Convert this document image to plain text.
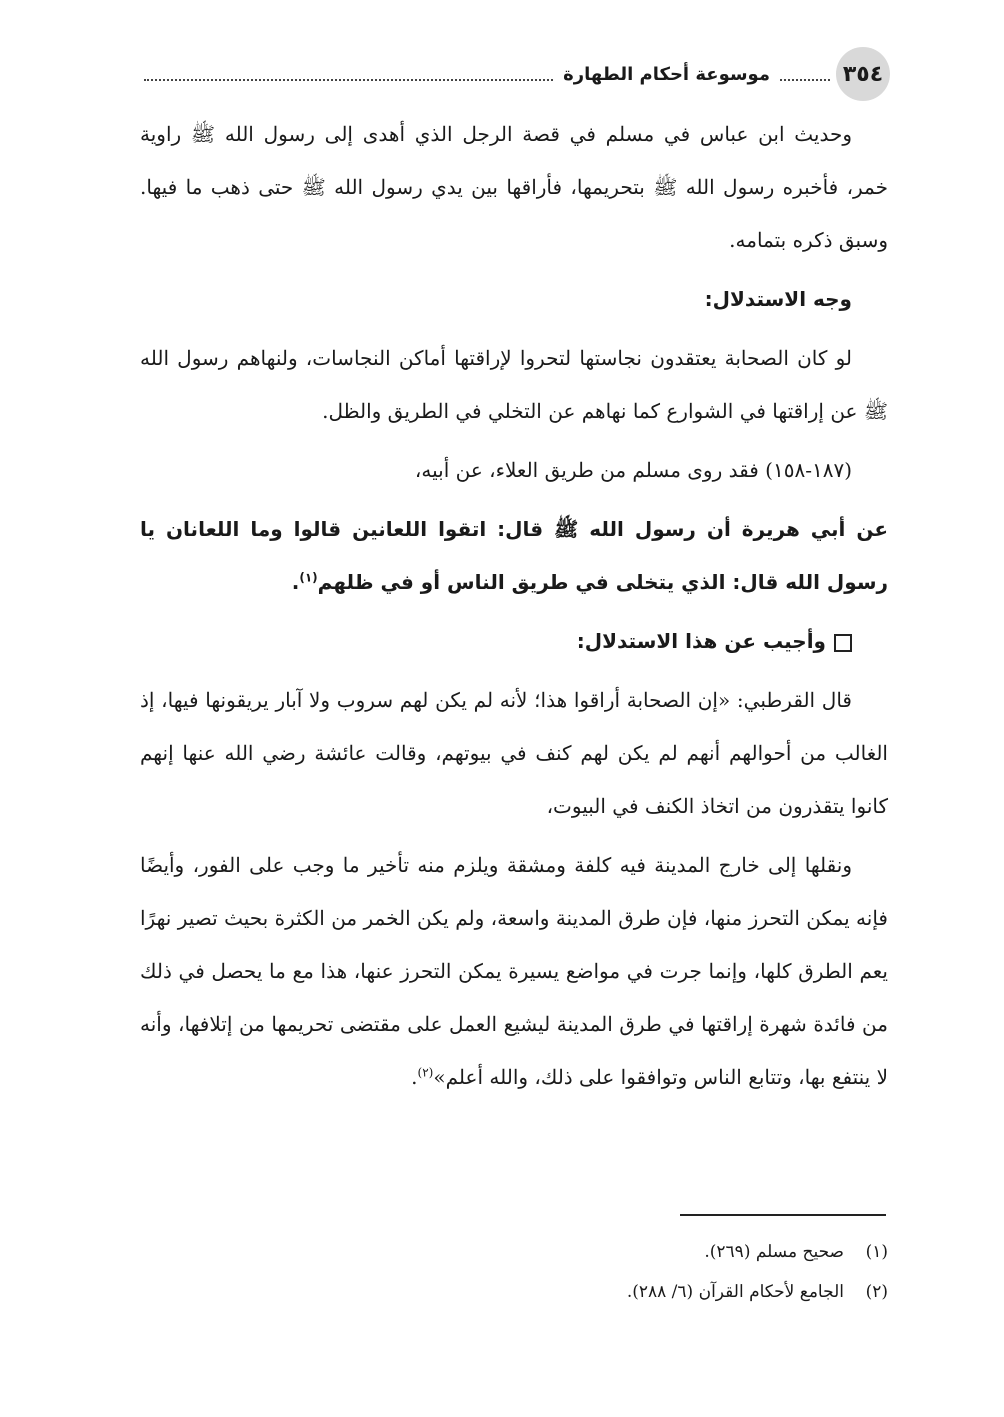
٣٥٤
موسوعة أحكام الطهارة

وحديث ابن عباس في مسلم في قصة الرجل الذي أهدى إلى رسول الله ﷺ راوية خمر، فأخبره رسول الله ﷺ بتحريمها، فأراقها بين يدي رسول الله ﷺ حتى ذهب ما فيها. وسبق ذكره بتمامه.

وجه الاستدلال:

لو كان الصحابة يعتقدون نجاستها لتحروا لإراقتها أماكن النجاسات، ولنهاهم رسول الله ﷺ عن إراقتها في الشوارع كما نهاهم عن التخلي في الطريق والظل.

(١٨٧-١٥٨) فقد روى مسلم من طريق العلاء، عن أبيه،

عن أبي هريرة أن رسول الله ﷺ قال: اتقوا اللعانين قالوا وما اللعانان يا رسول الله قال: الذي يتخلى في طريق الناس أو في ظلهم$^{(١)}$.

وأجيب عن هذا الاستدلال:

قال القرطبي: «إن الصحابة أراقوا هذا؛ لأنه لم يكن لهم سروب ولا آبار يريقونها فيها، إذ الغالب من أحوالهم أنهم لم يكن لهم كنف في بيوتهم، وقالت عائشة رضي الله عنها إنهم كانوا يتقذرون من اتخاذ الكنف في البيوت،

ونقلها إلى خارج المدينة فيه كلفة ومشقة ويلزم منه تأخير ما وجب على الفور، وأيضًا فإنه يمكن التحرز منها، فإن طرق المدينة واسعة، ولم يكن الخمر من الكثرة بحيث تصير نهرًا يعم الطرق كلها، وإنما جرت في مواضع يسيرة يمكن التحرز عنها، هذا مع ما يحصل في ذلك من فائدة شهرة إراقتها في طرق المدينة ليشيع العمل على مقتضى تحريمها من إتلافها، وأنه لا ينتفع بها، وتتابع الناس وتوافقوا على ذلك، والله أعلم»$^{(٢)}$.

(١)
صحيح مسلم (٢٦٩).
(٢)
الجامع لأحكام القرآن (٦/ ٢٨٨).
